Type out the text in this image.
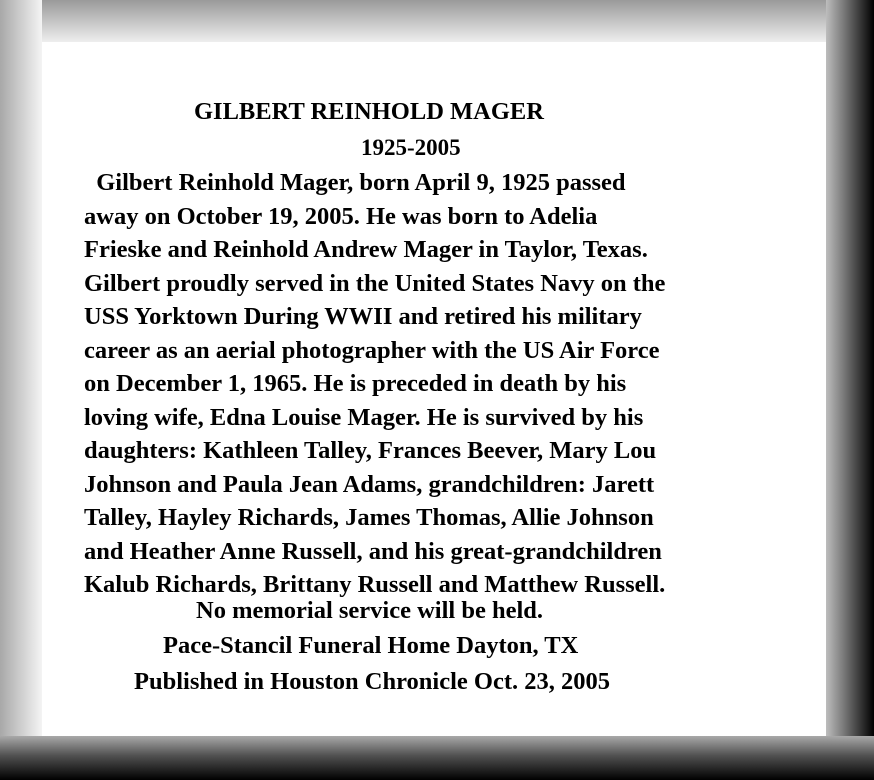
GILBERT REINHOLD MAGER
1925-2005
Gilbert Reinhold Mager, born April 9, 1925 passed
away on October 19, 2005. He was born to Adelia
Frieske and Reinhold Andrew Mager in Taylor, Texas.
Gilbert proudly served in the United States Navy on the
USS Yorktown During WWII and retired his military
career as an aerial photographer with the US Air Force
on December 1, 1965. He is preceded in death by his
loving wife, Edna Louise Mager. He is survived by his
daughters: Kathleen Talley, Frances Beever, Mary Lou
Johnson and Paula Jean Adams, grandchildren: Jarett
Talley, Hayley Richards, James Thomas, Allie Johnson
and Heather Anne Russell, and his great-grandchildren
Kalub Richards, Brittany Russell and Matthew Russell.
No memorial service will be held.
Pace-Stancil Funeral Home Dayton, TX
Published in Houston Chronicle Oct. 23, 2005
